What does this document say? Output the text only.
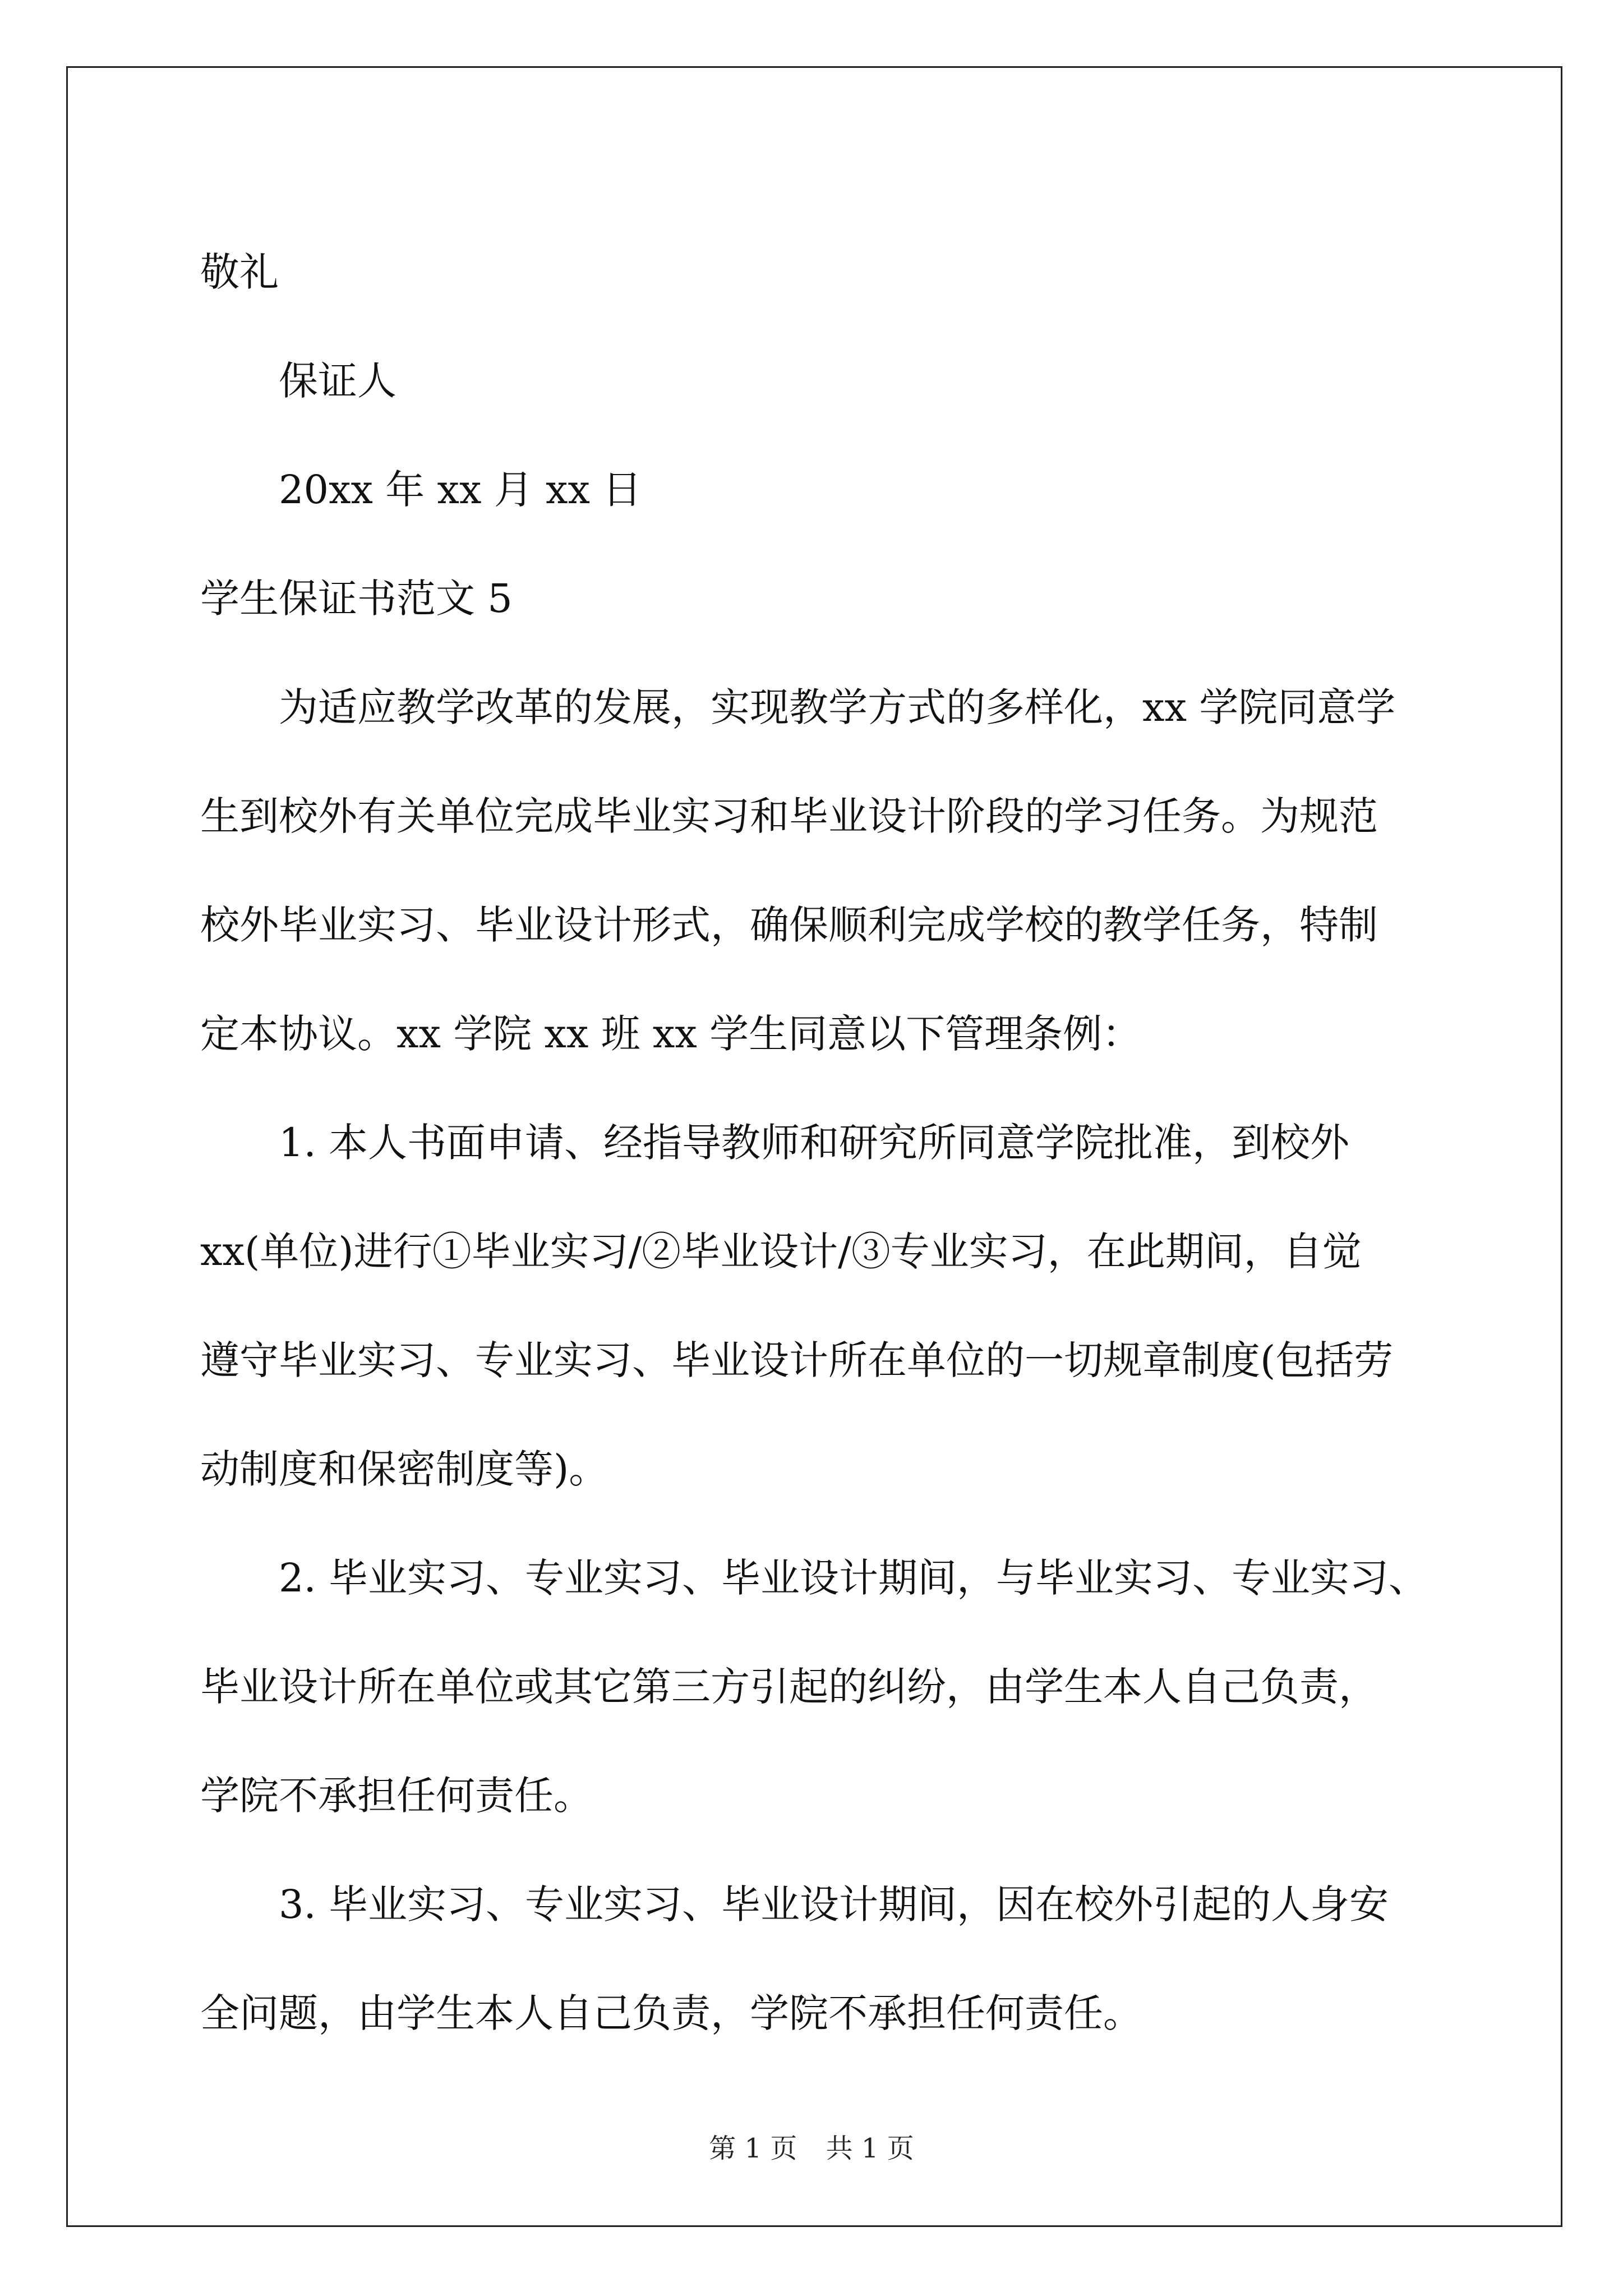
敬礼
保证人
20xx 年 xx 月 xx 日
学生保证书范文 5
为适应教学改革的发展，实现教学方式的多样化，xx 学院同意学
生到校外有关单位完成毕业实习和毕业设计阶段的学习任务。为规范
校外毕业实习、毕业设计形式，确保顺利完成学校的教学任务，特制
定本协议。xx 学院 xx 班 xx 学生同意以下管理条例：
1. 本人书面申请、经指导教师和研究所同意学院批准，到校外
xx(单位)进行①毕业实习/②毕业设计/③专业实习，在此期间，自觉
遵守毕业实习、专业实习、毕业设计所在单位的一切规章制度(包括劳
动制度和保密制度等)。
2. 毕业实习、专业实习、毕业设计期间，与毕业实习、专业实习、
毕业设计所在单位或其它第三方引起的纠纷，由学生本人自己负责，
学院不承担任何责任。
3. 毕业实习、专业实习、毕业设计期间，因在校外引起的人身安
全问题，由学生本人自己负责，学院不承担任何责任。
第 1 页 共 1 页
